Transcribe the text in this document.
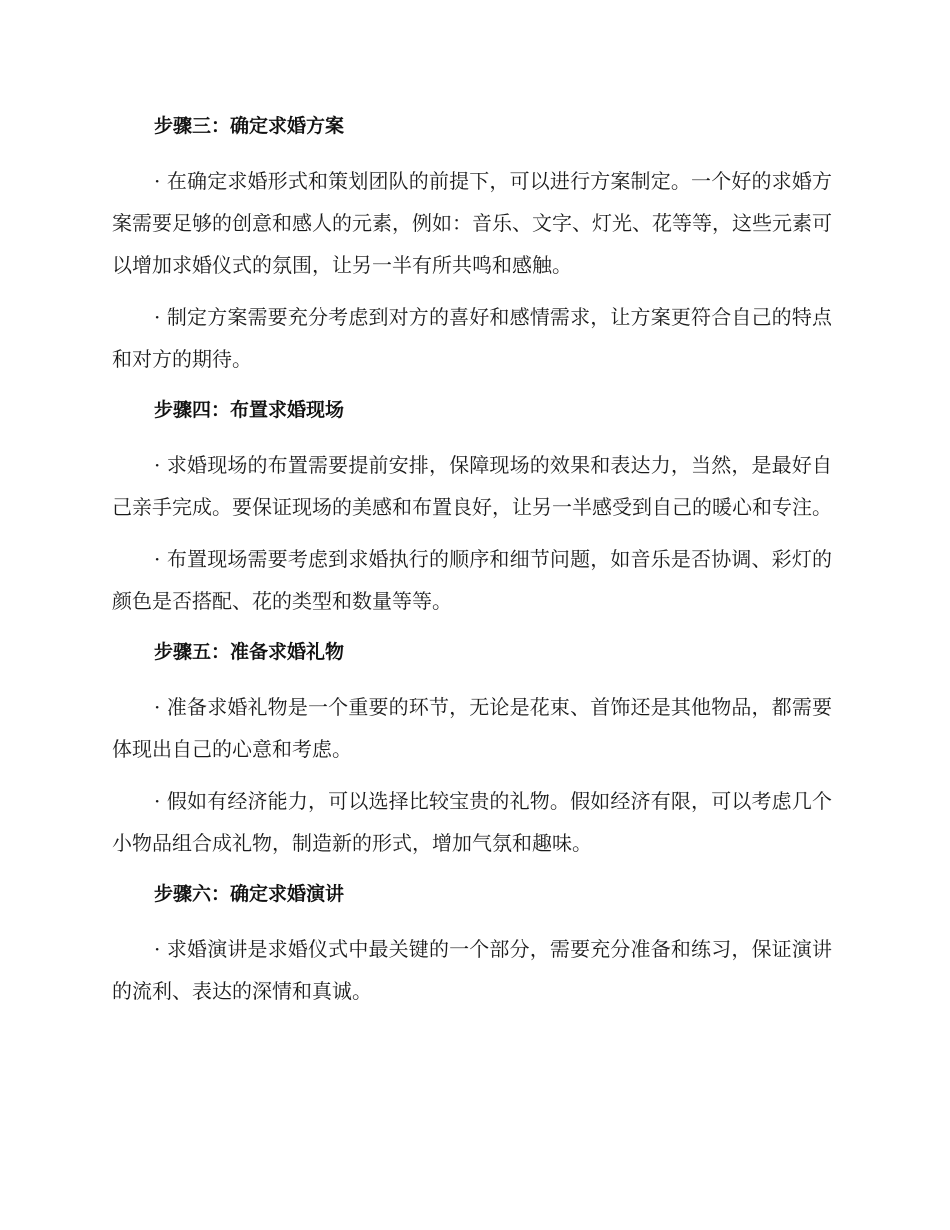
步骤三：确定求婚方案

· 在确定求婚形式和策划团队的前提下，可以进行方案制定。一个好的求婚方案需要足够的创意和感人的元素，例如：音乐、文字、灯光、花等等，这些元素可以增加求婚仪式的氛围，让另一半有所共鸣和感触。

· 制定方案需要充分考虑到对方的喜好和感情需求，让方案更符合自己的特点和对方的期待。

步骤四：布置求婚现场

· 求婚现场的布置需要提前安排，保障现场的效果和表达力，当然，是最好自己亲手完成。要保证现场的美感和布置良好，让另一半感受到自己的暖心和专注。

· 布置现场需要考虑到求婚执行的顺序和细节问题，如音乐是否协调、彩灯的颜色是否搭配、花的类型和数量等等。

步骤五：准备求婚礼物

· 准备求婚礼物是一个重要的环节，无论是花束、首饰还是其他物品，都需要体现出自己的心意和考虑。

· 假如有经济能力，可以选择比较宝贵的礼物。假如经济有限，可以考虑几个小物品组合成礼物，制造新的形式，增加气氛和趣味。

步骤六：确定求婚演讲

· 求婚演讲是求婚仪式中最关键的一个部分，需要充分准备和练习，保证演讲的流利、表达的深情和真诚。
